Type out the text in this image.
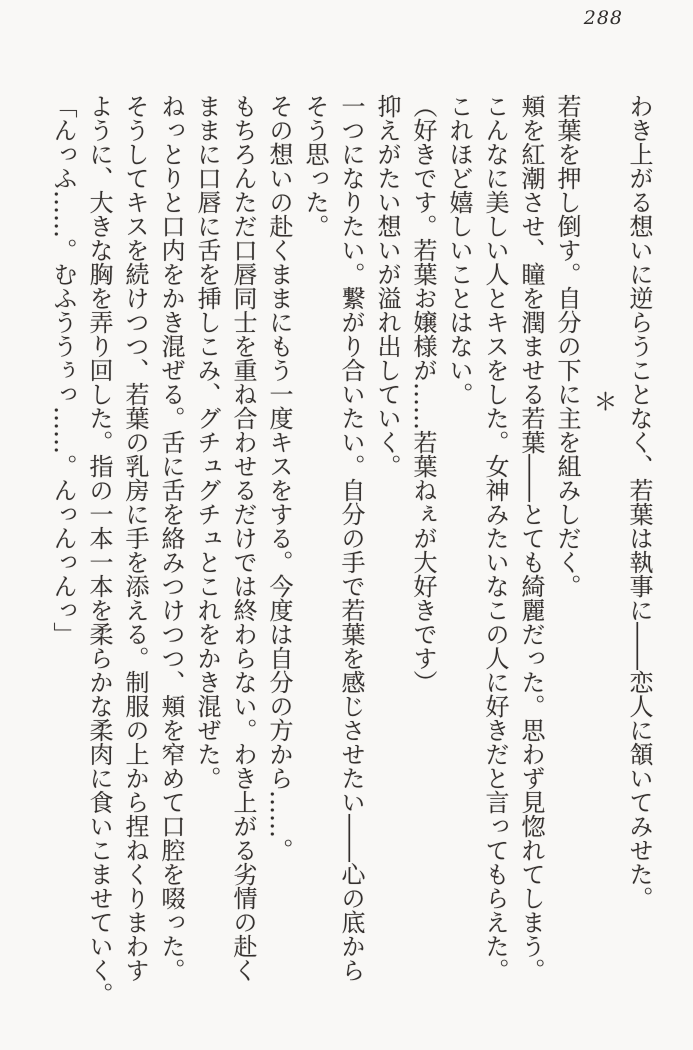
288

わき上がる想いに逆らうことなく、若葉は執事に――恋人に頷いてみせた。

＊

若葉を押し倒す。自分の下に主を組みしだく。

頬を紅潮させ、瞳を潤ませる若葉――とても綺麗だった。思わず見惚れてしまう。

こんなに美しい人とキスをした。女神みたいなこの人に好きだと言ってもらえた。

これほど嬉しいことはない。

（好きです。若葉お嬢様が……若葉ねぇが大好きです）

抑えがたい想いが溢れ出していく。

一つになりたい。繋がり合いたい。自分の手で若葉を感じさせたい――心の底から

そう思った。

その想いの赴くままにもう一度キスをする。今度は自分の方から……。

もちろんただ口唇同士を重ね合わせるだけでは終わらない。わき上がる劣情の赴く

ままに口唇に舌を挿しこみ、グチュグチュとこれをかき混ぜた。

ねっとりと口内をかき混ぜる。舌に舌を絡みつけつつ、頬を窄めて口腔を啜った。

そうしてキスを続けつつ、若葉の乳房に手を添える。制服の上から捏ねくりまわす

ように、大きな胸を弄り回した。指の一本一本を柔らかな柔肉に食いこませていく。

「んっふ……。むふううぅっ……。んっんっんっ」
